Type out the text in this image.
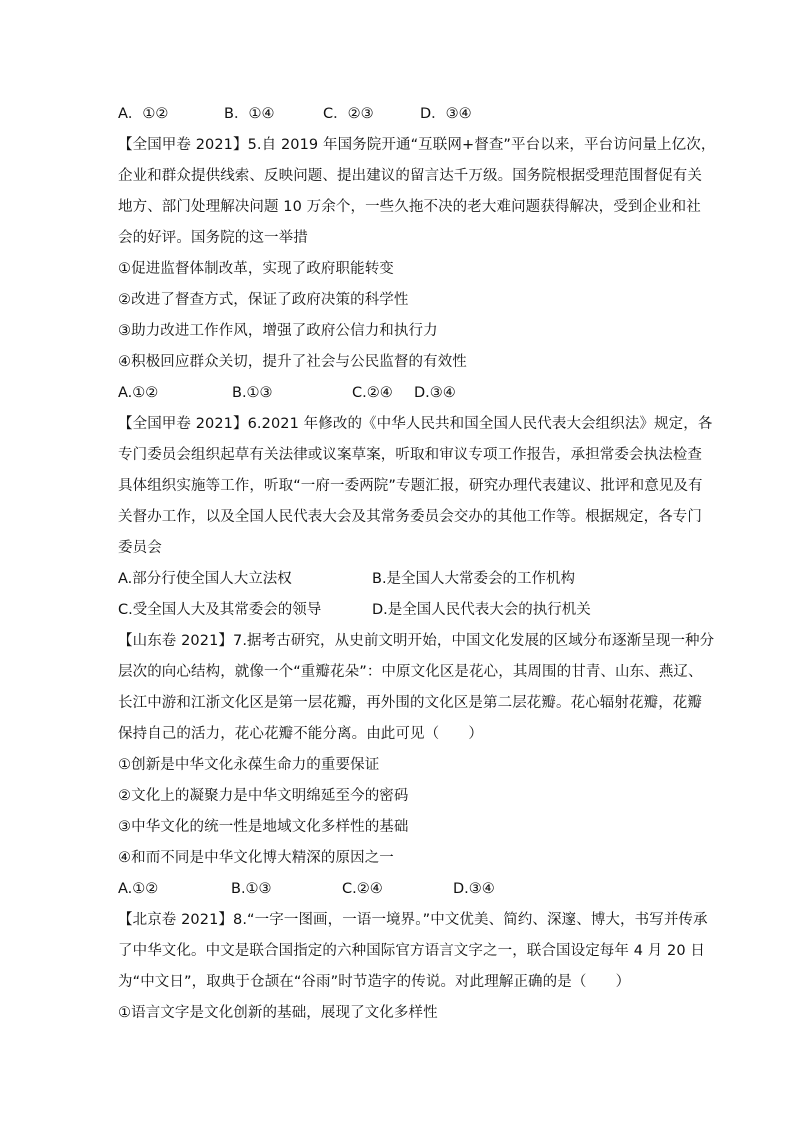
A．①②	B．①④	C．②③	D．③④
【全国甲卷 2021】5.自 2019 年国务院开通“互联网+督查”平台以来，平台访问量上亿次，
企业和群众提供线索、反映问题、提出建议的留言达千万级。国务院根据受理范围督促有关
地方、部门处理解决问题 10 万余个，一些久拖不决的老大难问题获得解决，受到企业和社
会的好评。国务院的这一举措
①促进监督体制改革，实现了政府职能转变
②改进了督查方式，保证了政府决策的科学性
③助力改进工作作风，增强了政府公信力和执行力
④积极回应群众关切，提升了社会与公民监督的有效性
A.①②	B.①③	C.②④ D.③④
【全国甲卷 2021】6.2021 年修改的《中华人民共和国全国人民代表大会组织法》规定，各
专门委员会组织起草有关法律或议案草案，听取和审议专项工作报告，承担常委会执法检查
具体组织实施等工作，听取“一府一委两院”专题汇报，研究办理代表建议、批评和意见及有
关督办工作，以及全国人民代表大会及其常务委员会交办的其他工作等。根据规定，各专门
委员会
A.部分行使全国人大立法权	B.是全国人大常委会的工作机构
C.受全国人大及其常委会的领导	D.是全国人民代表大会的执行机关
【山东卷 2021】7.据考古研究，从史前文明开始，中国文化发展的区域分布逐渐呈现一种分
层次的向心结构，就像一个“重瓣花朵”：中原文化区是花心，其周围的甘青、山东、燕辽、
长江中游和江浙文化区是第一层花瓣，再外围的文化区是第二层花瓣。花心辐射花瓣，花瓣
保持自己的活力，花心花瓣不能分离。由此可见（　　）
①创新是中华文化永葆生命力的重要保证
②文化上的凝聚力是中华文明绵延至今的密码
③中华文化的统一性是地域文化多样性的基础
④和而不同是中华文化博大精深的原因之一
A.①②	B.①③	C.②④	D.③④
【北京卷 2021】8.“一字一图画，一语一境界。”中文优美、简约、深邃、博大，书写并传承
了中华文化。中文是联合国指定的六种国际官方语言文字之一，联合国设定每年 4 月 20 日
为“中文日”，取典于仓颉在“谷雨”时节造字的传说。对此理解正确的是（　　）
①语言文字是文化创新的基础，展现了文化多样性
